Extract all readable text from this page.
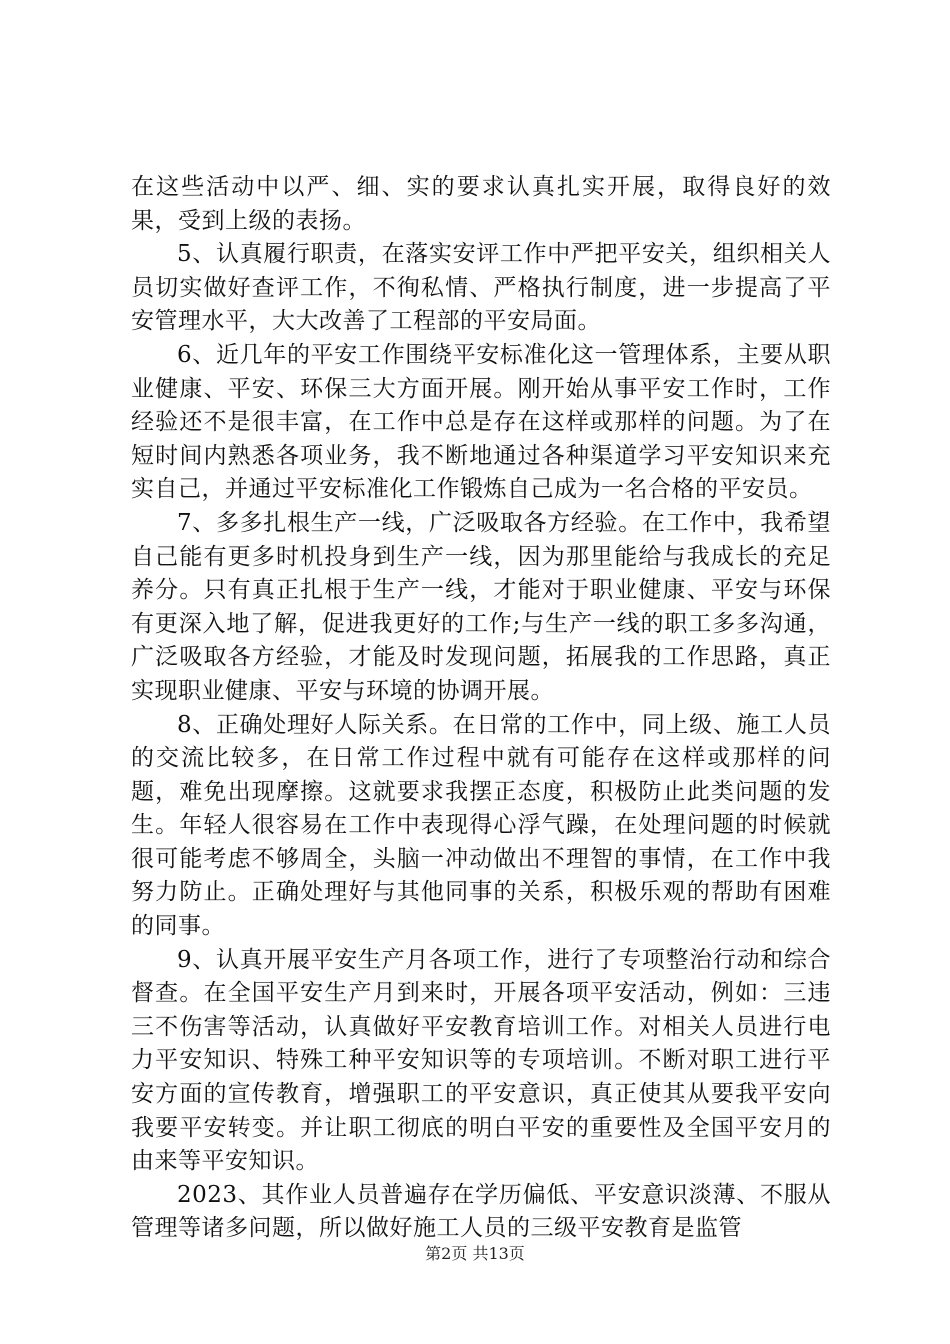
在这些活动中以严、细、实的要求认真扎实开展，取得良好的效果，受到上级的表扬。

5、认真履行职责，在落实安评工作中严把平安关，组织相关人员切实做好查评工作，不徇私情、严格执行制度，进一步提高了平安管理水平，大大改善了工程部的平安局面。

6、近几年的平安工作围绕平安标准化这一管理体系，主要从职业健康、平安、环保三大方面开展。刚开始从事平安工作时，工作经验还不是很丰富，在工作中总是存在这样或那样的问题。为了在短时间内熟悉各项业务，我不断地通过各种渠道学习平安知识来充实自己，并通过平安标准化工作锻炼自己成为一名合格的平安员。

7、多多扎根生产一线，广泛吸取各方经验。在工作中，我希望自己能有更多时机投身到生产一线，因为那里能给与我成长的充足养分。只有真正扎根于生产一线，才能对于职业健康、平安与环保有更深入地了解，促进我更好的工作;与生产一线的职工多多沟通，广泛吸取各方经验，才能及时发现问题，拓展我的工作思路，真正实现职业健康、平安与环境的协调开展。

8、正确处理好人际关系。在日常的工作中，同上级、施工人员的交流比较多，在日常工作过程中就有可能存在这样或那样的问题，难免出现摩擦。这就要求我摆正态度，积极防止此类问题的发生。年轻人很容易在工作中表现得心浮气躁，在处理问题的时候就很可能考虑不够周全，头脑一冲动做出不理智的事情，在工作中我努力防止。正确处理好与其他同事的关系，积极乐观的帮助有困难的同事。

9、认真开展平安生产月各项工作，进行了专项整治行动和综合督查。在全国平安生产月到来时，开展各项平安活动，例如：三违三不伤害等活动，认真做好平安教育培训工作。对相关人员进行电力平安知识、特殊工种平安知识等的专项培训。不断对职工进行平安方面的宣传教育，增强职工的平安意识，真正使其从要我平安向我要平安转变。并让职工彻底的明白平安的重要性及全国平安月的由来等平安知识。

2023、其作业人员普遍存在学历偏低、平安意识淡薄、不服从管理等诸多问题，所以做好施工人员的三级平安教育是监管

第2页 共13页
